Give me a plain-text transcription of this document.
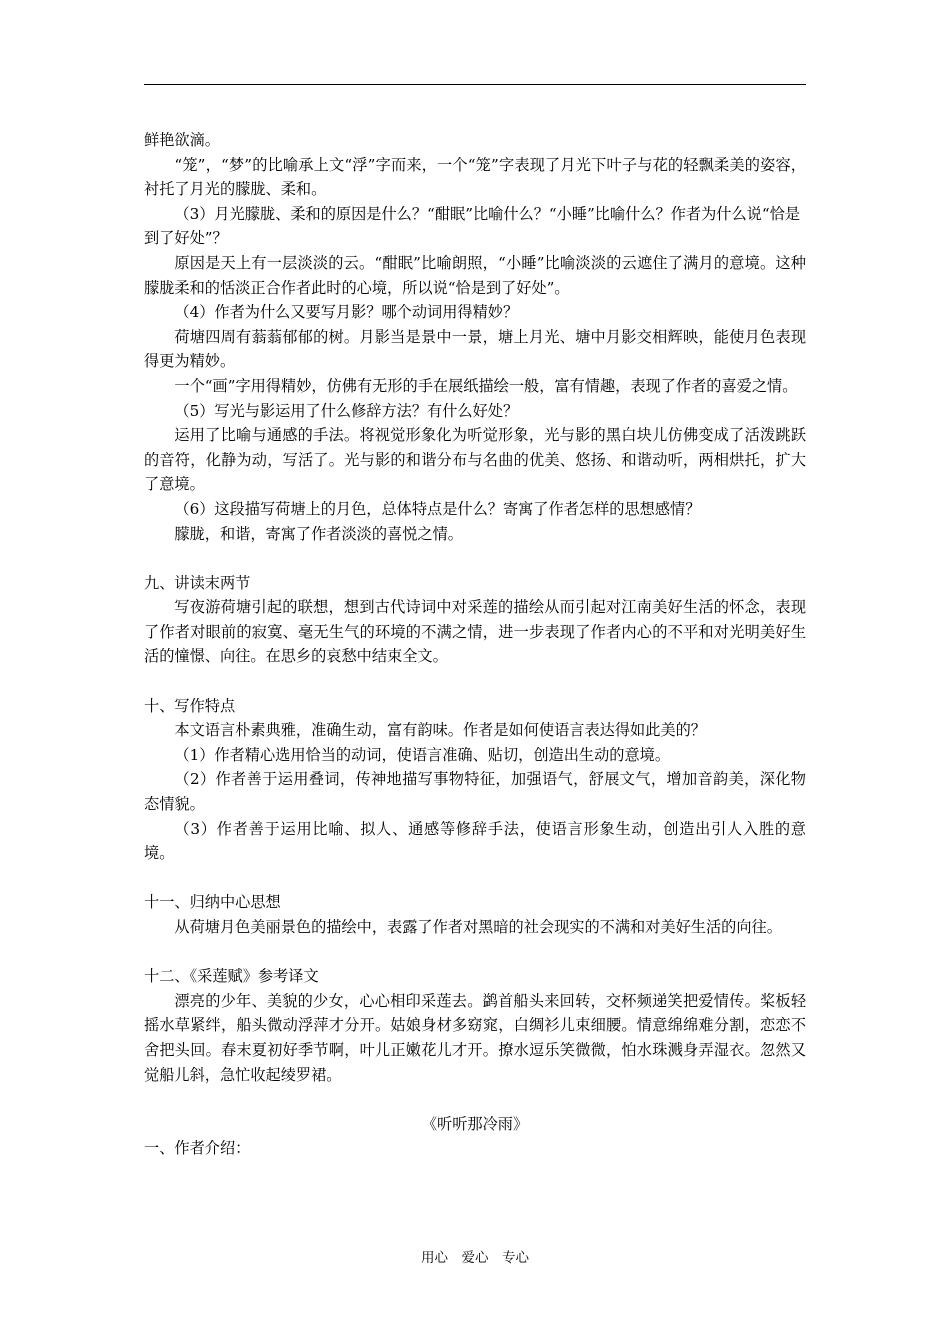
鲜艳欲滴。

“笼”，“梦”的比喻承上文“浮”字而来，一个“笼”字表现了月光下叶子与花的轻飘柔美的姿容，衬托了月光的朦胧、柔和。

（3）月光朦胧、柔和的原因是什么？“酣眠”比喻什么？“小睡”比喻什么？作者为什么说“恰是到了好处”？

原因是天上有一层淡淡的云。“酣眠”比喻朗照，“小睡”比喻淡淡的云遮住了满月的意境。这种朦胧柔和的恬淡正合作者此时的心境，所以说“恰是到了好处”。

（4）作者为什么又要写月影？哪个动词用得精妙？

荷塘四周有蓊蓊郁郁的树。月影当是景中一景，塘上月光、塘中月影交相辉映，能使月色表现得更为精妙。

一个“画”字用得精妙，仿佛有无形的手在展纸描绘一般，富有情趣，表现了作者的喜爱之情。

（5）写光与影运用了什么修辞方法？有什么好处？

运用了比喻与通感的手法。将视觉形象化为听觉形象，光与影的黑白块儿仿佛变成了活泼跳跃的音符，化静为动，写活了。光与影的和谐分布与名曲的优美、悠扬、和谐动听，两相烘托，扩大了意境。

（6）这段描写荷塘上的月色，总体特点是什么？寄寓了作者怎样的思想感情？

朦胧，和谐，寄寓了作者淡淡的喜悦之情。

九、讲读末两节

写夜游荷塘引起的联想，想到古代诗词中对采莲的描绘从而引起对江南美好生活的怀念，表现了作者对眼前的寂寞、毫无生气的环境的不满之情，进一步表现了作者内心的不平和对光明美好生活的憧憬、向往。在思乡的哀愁中结束全文。

十、写作特点

本文语言朴素典雅，准确生动，富有韵味。作者是如何使语言表达得如此美的？

（1）作者精心选用恰当的动词，使语言准确、贴切，创造出生动的意境。

（2）作者善于运用叠词，传神地描写事物特征，加强语气，舒展文气，增加音韵美，深化物态情貌。

（3）作者善于运用比喻、拟人、通感等修辞手法，使语言形象生动，创造出引人入胜的意境。

十一、归纳中心思想

从荷塘月色美丽景色的描绘中，表露了作者对黑暗的社会现实的不满和对美好生活的向往。

十二、《采莲赋》参考译文

漂亮的少年、美貌的少女，心心相印采莲去。鹢首船头来回转，交杯频递笑把爱情传。桨板轻摇水草紧绊，船头微动浮萍才分开。姑娘身材多窈窕，白绸衫儿束细腰。情意绵绵难分割，恋恋不舍把头回。春末夏初好季节啊，叶儿正嫩花儿才开。撩水逗乐笑微微，怕水珠溅身弄湿衣。忽然又觉船儿斜，急忙收起绫罗裙。

《听听那冷雨》

一、作者介绍：

用心　爱心　专心
